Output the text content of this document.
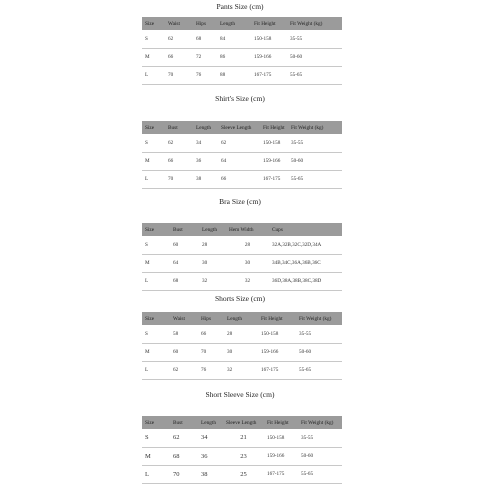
Pants Size (cm)
Size	Waist	Hips	Length	Fit Height	Fit Weight (kg)
S	62	68	84	150-158	35-55
M	66	72	86	159-166	50-60
L	70	76	88	167-175	55-65
Shirt's Size (cm)
Size	Bust	Length	Sleeve Length	Fit Height	Fit Weight (kg)
S	62	34	62	150-158	35-55
M	66	36	64	159-166	50-60
L	70	38	66	167-175	55-65
Bra Size (cm)
Size	Bust	Length	Hem Width	Cups
S	60	28	28	32A,32B,32C,32D,34A
M	64	30	30	34B,34C,36A,36B,36C
L	68	32	32	36D,38A,38B,38C,38D
Shorts Size (cm)
Size	Waist	Hips	Length	Fit Height	Fit Weight (kg)
S	58	66	28	150-158	35-55
M	60	70	30	159-166	50-60
L	62	76	32	167-175	55-65
Short Sleeve Size (cm)
Size	Bust	Length	Sleeve Length	Fit Height	Fit Weight (kg)
S	62	34	21	150-158	35-55
M	68	36	23	159-166	50-60
L	70	38	25	167-175	55-65
